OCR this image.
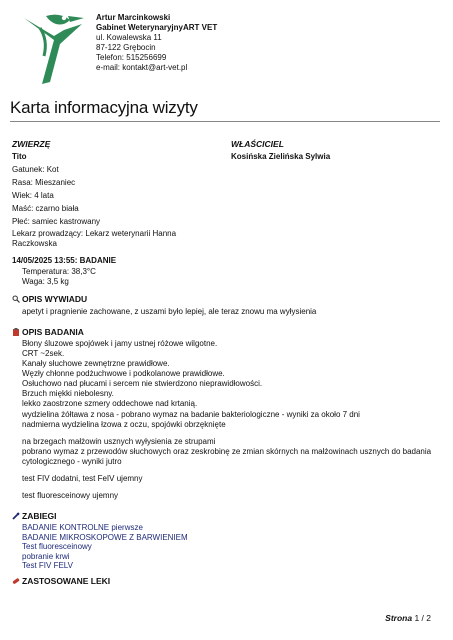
Artur Marcinkowski
Gabinet WeterynaryjnyART VET
ul. Kowalewska 11
87-122 Grębocin
Telefon: 515256699
e-mail: kontakt@art-vet.pl
Karta informacyjna wizyty
ZWIERZĘ
Tito
Gatunek: Kot
Rasa: Mieszaniec
Wiek: 4 lata
Maść: czarno biała
Płeć: samiec kastrowany
Lekarz prowadzący: Lekarz weterynarii Hanna
Raczkowska
WŁAŚCICIEL
Kosińska Zielińska Sylwia
14/05/2025 13:55: BADANIE
Temperatura: 38,3°C
Waga: 3,5 kg
OPIS WYWIADU
apetyt i pragnienie zachowane, z uszami było lepiej, ale teraz znowu ma wyłysienia
OPIS BADANIA
Błony śluzowe spojówek i jamy ustnej różowe wilgotne.
CRT ~2sek.
Kanały słuchowe zewnętrzne prawidłowe.
Węzły chłonne podżuchwowe i podkolanowe prawidłowe.
Osłuchowo nad płucami i sercem nie stwierdzono nieprawidłowości.
Brzuch miękki niebolesny.
lekko zaostrzone szmery oddechowe nad krtanią.
wydzielina żółtawa z nosa - pobrano wymaz na badanie bakteriologiczne - wyniki za około 7 dni
nadmierna wydzielina łzowa z oczu, spojówki obrzęknięte
na brzegach małżowin usznych wyłysienia ze strupami
pobrano wymaz z przewodów słuchowych oraz zeskrobinę ze zmian skórnych na małżowinach usznych do badania
cytologicznego - wyniki jutro
test FIV dodatni, test FeIV ujemny
test fluoresceinowy ujemny
ZABIEGI
BADANIE KONTROLNE pierwsze
BADANIE MIKROSKOPOWE Z BARWIENIEM
Test fluoresceinowy
pobranie krwi
Test FIV FELV
ZASTOSOWANE LEKI
Strona 1 / 2
